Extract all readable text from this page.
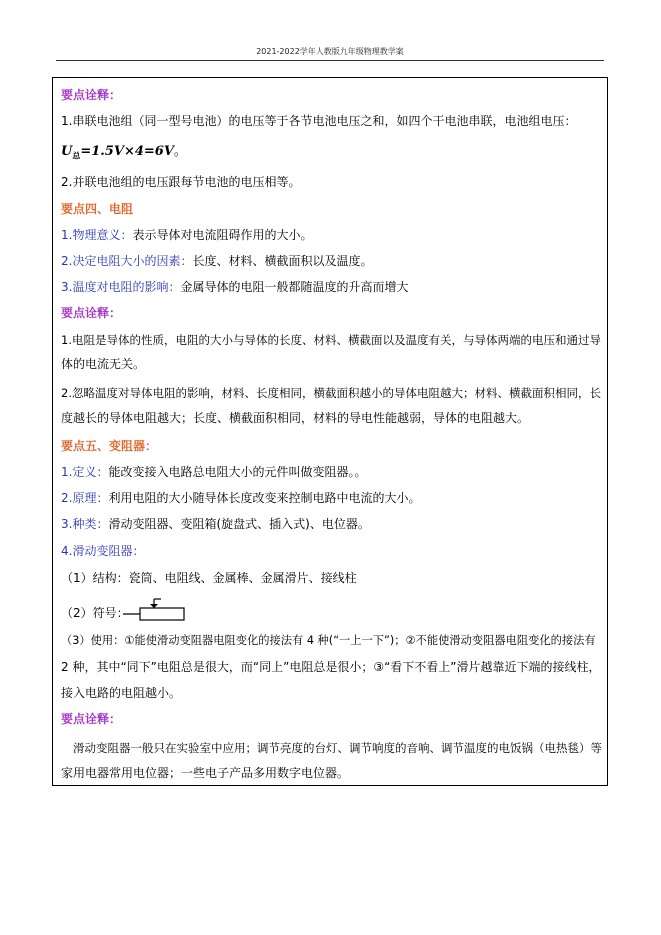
2021-2022学年人教版九年级物理教学案
要点诠释：
1.串联电池组（同一型号电池）的电压等于各节电池电压之和，如四个干电池串联，电池组电压：
$U_总=1.5V\times 4=6V$。
2.并联电池组的电压跟每节电池的电压相等。
要点四、电阻
1.物理意义：表示导体对电流阻碍作用的大小。
2.决定电阻大小的因素：长度、材料、横截面积以及温度。
3.温度对电阻的影响：金属导体的电阻一般都随温度的升高而增大
要点诠释：
1.电阻是导体的性质，电阻的大小与导体的长度、材料、横截面以及温度有关，与导体两端的电压和通过导
体的电流无关。
2.忽略温度对导体电阻的影响，材料、长度相同，横截面积越小的导体电阻越大；材料、横截面积相同，长
度越长的导体电阻越大；长度、横截面积相同，材料的导电性能越弱，导体的电阻越大。
要点五、变阻器：
1.定义：能改变接入电路总电阻大小的元件叫做变阻器。。
2.原理：利用电阻的大小随导体长度改变来控制电路中电流的大小。
3.种类：滑动变阻器、变阻箱(旋盘式、插入式)、电位器。
4.滑动变阻器：
（1）结构：瓷筒、电阻线、金属棒、金属滑片、接线柱
（2）符号：
（3）使用：①能使滑动变阻器电阻变化的接法有 4 种(“一上一下”)；②不能使滑动变阻器电阻变化的接法有
2 种，其中“同下”电阻总是很大，而“同上”电阻总是很小；③“看下不看上”滑片越靠近下端的接线柱，
接入电路的电阻越小。
要点诠释：
滑动变阻器一般只在实验室中应用；调节亮度的台灯、调节响度的音响、调节温度的电饭锅（电热毯）等
家用电器常用电位器；一些电子产品多用数字电位器。
